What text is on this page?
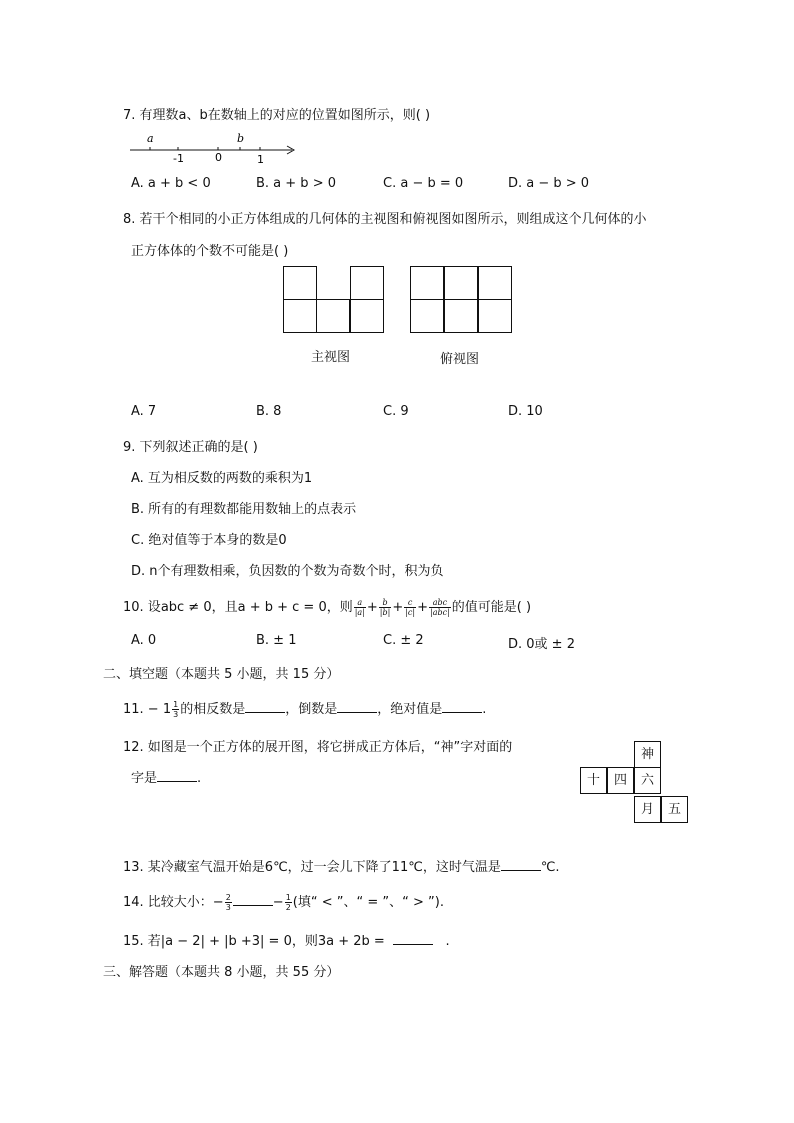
7. 有理数a、b在数轴上的对应的位置如图所示，则( )
a	b
-1	0	1
A. a + b < 0	B. a + b > 0	C. a − b = 0	D. a − b > 0
8. 若干个相同的小正方体组成的几何体的主视图和俯视图如图所示，则组成这个几何体的小
正方体体的个数不可能是( )
主视图	俯视图
A. 7	B. 8	C. 9	D. 10
9. 下列叙述正确的是( )
A. 互为相反数的两数的乘积为1
B. 所有的有理数都能用数轴上的点表示
C. 绝对值等于本身的数是0
D. n个有理数相乘，负因数的个数为奇数个时，积为负
10. 设abc ≠ 0，且a + b + c = 0，则 $\frac{a}{|a|} + \frac{b}{|b|} + \frac{c}{|c|} + \frac{\text{abc}}{\text{|abc|}}$ 的值可能是( )
A. 0	B. ± 1	C. ± 2	D. 0或 ± 2
二、填空题（本题共 5 小题，共 15 分）
11. − $1 \frac{1}{3}$ 的相反数是	，倒数是	，绝对值是	.
12. 如图是一个正方体的展开图，将它拼成正方体后，“神”字对面的
字是	.
神
十	四	六
月	五
13. 某冷藏室气温开始是6℃，过一会儿下降了11℃，这时气温是	℃.
14. 比较大小：− $\frac{2}{3}$	− $\frac{1}{2}$ (填“ < ”、“ = ”、“ > ”).
15. 若|a − 2| + |b +3| = 0，则3a + 2b =	.
三、解答题（本题共 8 小题，共 55 分）
